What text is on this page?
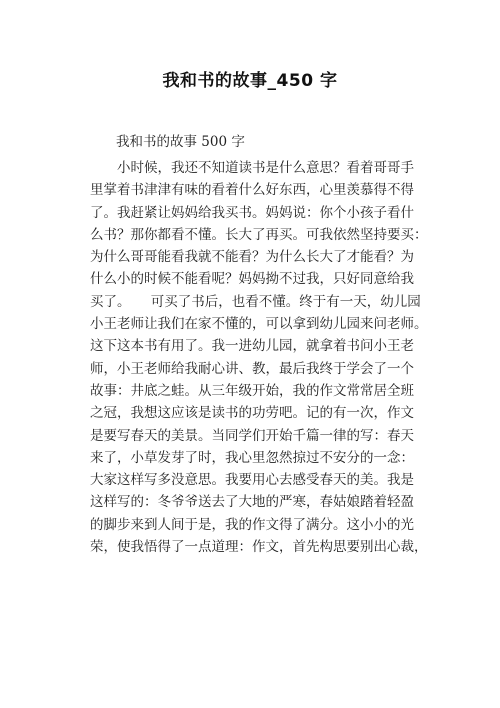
我和书的故事_450 字
我和书的故事 500 字
　　小时候，我还不知道读书是什么意思？看着哥哥手
里掌着书津津有味的看着什么好东西，心里羡慕得不得
了。我赶紧让妈妈给我买书。妈妈说：你个小孩子看什
么书？那你都看不懂。长大了再买。可我依然坚持要买：
为什么哥哥能看我就不能看？为什么长大了才能看？为
什么小的时候不能看呢？妈妈拗不过我，只好同意给我
买了。　　可买了书后，也看不懂。终于有一天，幼儿园
小王老师让我们在家不懂的，可以拿到幼儿园来问老师。
这下这本书有用了。我一进幼儿园，就拿着书问小王老
师，小王老师给我耐心讲、教，最后我终于学会了一个
故事：井底之蛙。从三年级开始，我的作文常常居全班
之冠，我想这应该是读书的功劳吧。记的有一次，作文
是要写春天的美景。当同学们开始千篇一律的写：春天
来了，小草发芽了时，我心里忽然掠过不安分的一念：
大家这样写多没意思。我要用心去感受春天的美。我是
这样写的：冬爷爷送去了大地的严寒，春姑娘踏着轻盈
的脚步来到人间于是，我的作文得了满分。这小小的光
荣，使我悟得了一点道理：作文，首先构思要别出心裁，
